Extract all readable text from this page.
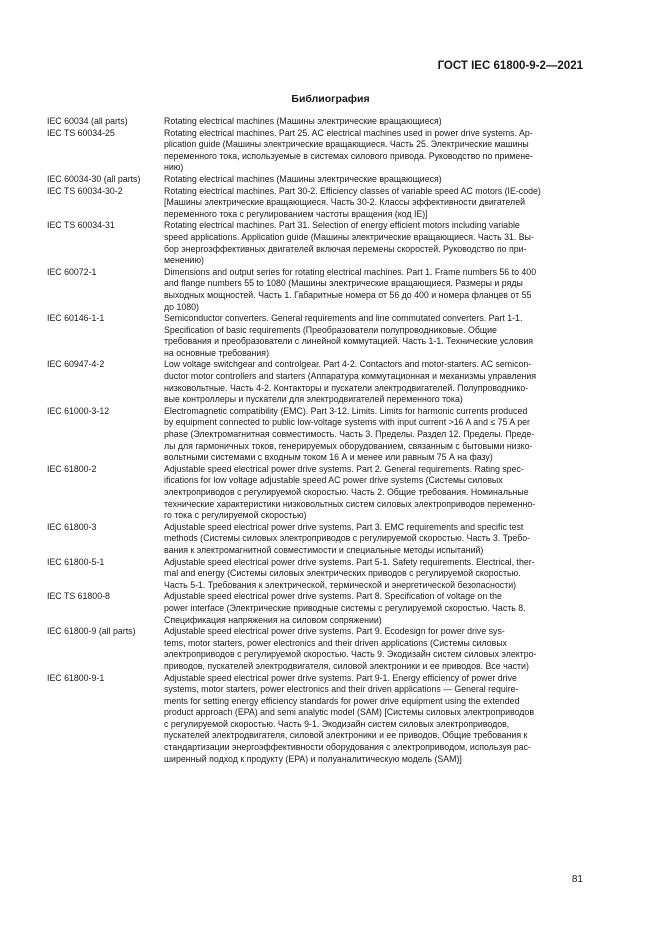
ГОСТ IEC 61800-9-2—2021
Библиография
IEC 60034 (all parts)	Rotating electrical machines (Машины электрические вращающиеся)
IEC TS 60034-25	Rotating electrical machines. Part 25. AC electrical machines used in power drive systems. Ap-
plication guide (Машины электрические вращающиеся. Часть 25. Электрические машины
переменного тока, используемые в системах силового привода. Руководство по примене-
нию)
IEC 60034-30 (all parts)	Rotating electrical machines (Машины электрические вращающиеся)
IEC TS 60034-30-2	Rotating electrical machines. Part 30-2. Efficiency classes of variable speed AC motors (IE-code)
[Машины электрические вращающиеся. Часть 30-2. Классы эффективности двигателей
переменного тока с регулированием частоты вращения (код IE)]
IEC TS 60034-31	Rotating electrical machines. Part 31. Selection of energy efficient motors including variable
speed applications. Application guide (Машины электрические вращающиеся. Часть 31. Вы-
бор энергоэффективных двигателей включая перемены скоростей. Руководство по при-
менению)
IEC 60072-1	Dimensions and output series for rotating electrical machines. Part 1. Frame numbers 56 to 400
and flange numbers 55 to 1080 (Машины электрические вращающиеся. Размеры и ряды
выходных мощностей. Часть 1. Габаритные номера от 56 до 400 и номера фланцев от 55
до 1080)
IEC 60146-1-1	Semiconductor converters. General requirements and line commutated converters. Part 1-1.
Specification of basic requirements (Преобразователи полупроводниковые. Общие
требования и преобразователи с линейной коммутацией. Часть 1-1. Технические условия
на основные требования)
IEC 60947-4-2	Low voltage switchgear and controlgear. Part 4-2. Contactors and motor-starters. AC semicon-
ductor motor controllers and starters (Аппаратура коммутационная и механизмы управления
низковольтные. Часть 4-2. Контакторы и пускатели электродвигателей. Полупроводнико-
вые контроллеры и пускатели для электродвигателей переменного тока)
IEC 61000-3-12	Electromagnetic compatibility (EMC). Part 3-12. Limits. Limits for harmonic currents produced
by equipment connected to public low-voltage systems with input current >16 A and ≤ 75 A per
phase (Электромагнитная совместимость. Часть 3. Пределы. Раздел 12. Пределы. Преде-
лы для гармоничных токов, генерируемых оборудованием, связанным с бытовыми низко-
вольтными системами с входным током 16 А и менее или равным 75 А на фазу)
IEC 61800-2	Adjustable speed electrical power drive systems. Part 2. General requirements. Rating spec-
ifications for low voltage adjustable speed AC power drive systems (Системы силовых
электроприводов с регулируемой скоростью. Часть 2. Общие требования. Номинальные
технические характеристики низковольтных систем силовых электроприводов переменно-
го тока с регулируемой скоростью)
IEC 61800-3	Adjustable speed electrical power drive systems. Part 3. EMC requirements and specific test
methods (Системы силовых электроприводов с регулируемой скоростью. Часть 3. Требо-
вания к электромагнитной совместимости и специальные методы испытаний)
IEC 61800-5-1	Adjustable speed electrical power drive systems. Part 5-1. Safety requirements. Electrical, ther-
mal and energy (Системы силовых электрических приводов с регулируемой скоростью.
Часть 5-1. Требования к электрической, термической и энергетической безопасности)
IEC TS 61800-8	Adjustable speed electrical power drive systems. Part 8. Specification of voltage on the
power interface (Электрические приводные системы с регулируемой скоростью. Часть 8.
Спецификация напряжения на силовом сопряжении)
IEC 61800-9 (all parts)	Adjustable speed electrical power drive systems. Part 9. Ecodesign for power drive sys-
tems, motor starters, power electronics and their driven applications (Системы силовых
электроприводов с регулируемой скоростью. Часть 9. Экодизайн систем силовых электро-
приводов, пускателей электродвигателя, силовой электроники и ее приводов. Все части)
IEC 61800-9-1	Adjustable speed electrical power drive systems. Part 9-1. Energy efficiency of power drive
systems, motor starters, power electronics and their driven applications — General require-
ments for setting energy efficiency standards for power drive equipment using the extended
product approach (EPA) and semi analytic model (SAM) [Системы силовых электроприводов
с регулируемой скоростью. Часть 9-1. Экодизайн систем силовых электроприводов,
пускателей электродвигателя, силовой электроники и ее приводов. Общие требования к
стандартизации энергоэффективности оборудования с электроприводом, используя рас-
ширенный подход к продукту (EPA) и полуаналитическую модель (SAM)]
81
